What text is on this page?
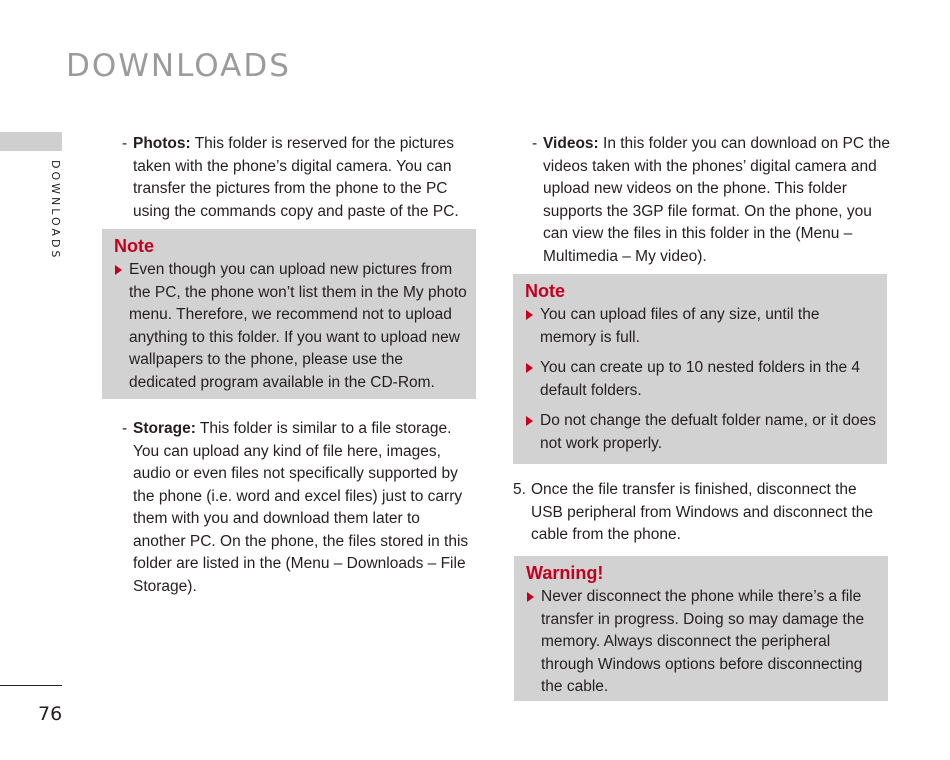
DOWNLOADS
DOWNLOADS
76
- Photos: This folder is reserved for the pictures taken with the phone’s digital camera. You can transfer the pictures from the phone to the PC using the commands copy and paste of the PC.
Note
Even though you can upload new pictures from the PC, the phone won’t list them in the My photo menu. Therefore, we recommend not to upload anything to this folder. If you want to upload new wallpapers to the phone, please use the dedicated program available in the CD-Rom.
- Storage: This folder is similar to a file storage. You can upload any kind of file here, images, audio or even files not specifically supported by the phone (i.e. word and excel files) just to carry them with you and download them later to another PC. On the phone, the files stored in this folder are listed in the (Menu – Downloads – File Storage).
- Videos: In this folder you can download on PC the videos taken with the phones’ digital camera and upload new videos on the phone. This folder supports the 3GP file format. On the phone, you can view the files in this folder in the (Menu – Multimedia – My video).
Note
You can upload files of any size, until the memory is full.
You can create up to 10 nested folders in the 4 default folders.
Do not change the defualt folder name, or it does not work properly.
5. Once the file transfer is finished, disconnect the USB peripheral from Windows and disconnect the cable from the phone.
Warning!
Never disconnect the phone while there’s a file transfer in progress. Doing so may damage the memory. Always disconnect the peripheral through Windows options before disconnecting the cable.
